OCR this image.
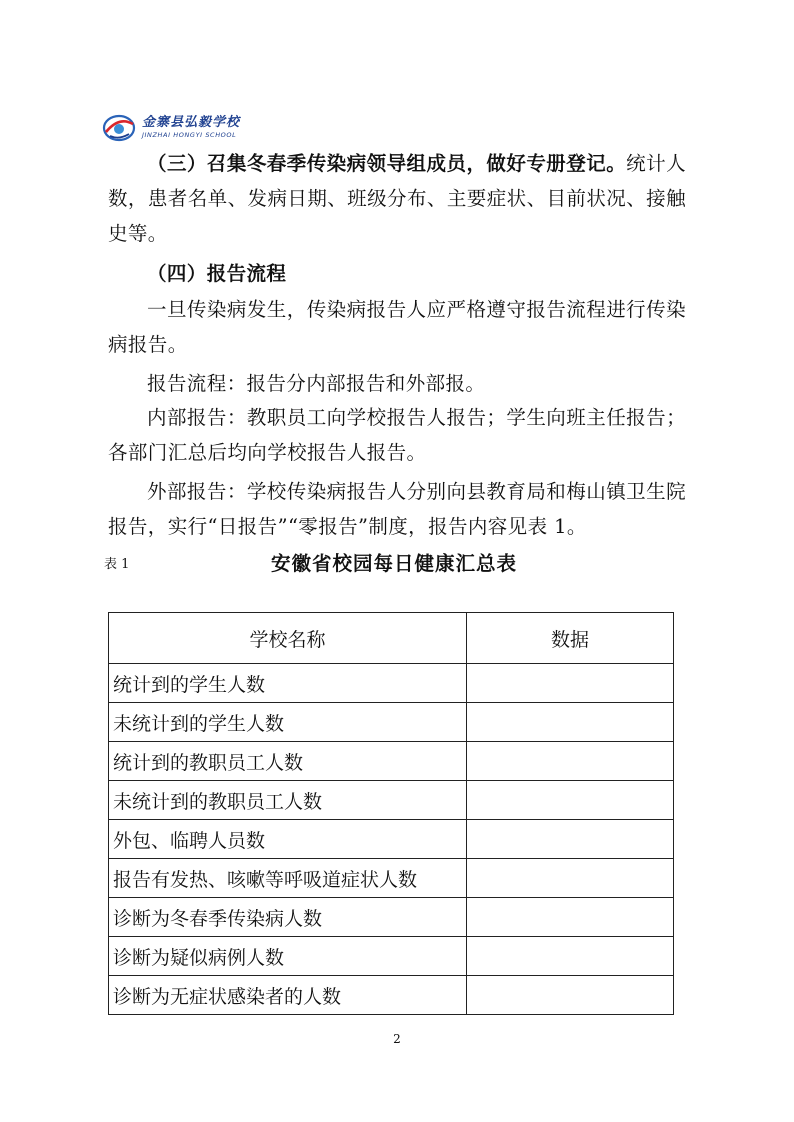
金寨县弘毅学校
JINZHAI HONGYI SCHOOL

（三）召集冬春季传染病领导组成员，做好专册登记。统计人数，患者名单、发病日期、班级分布、主要症状、目前状况、接触史等。

（四）报告流程

一旦传染病发生，传染病报告人应严格遵守报告流程进行传染病报告。

报告流程：报告分内部报告和外部报。

内部报告：教职员工向学校报告人报告；学生向班主任报告；各部门汇总后均向学校报告人报告。

外部报告：学校传染病报告人分别向县教育局和梅山镇卫生院报告，实行“日报告”“零报告”制度，报告内容见表 1。

表 1	安徽省校园每日健康汇总表
学校名称	数据
统计到的学生人数	
未统计到的学生人数	
统计到的教职员工人数	
未统计到的教职员工人数	
外包、临聘人员数	
报告有发热、咳嗽等呼吸道症状人数	
诊断为冬春季传染病人数	
诊断为疑似病例人数	
诊断为无症状感染者的人数	
2
